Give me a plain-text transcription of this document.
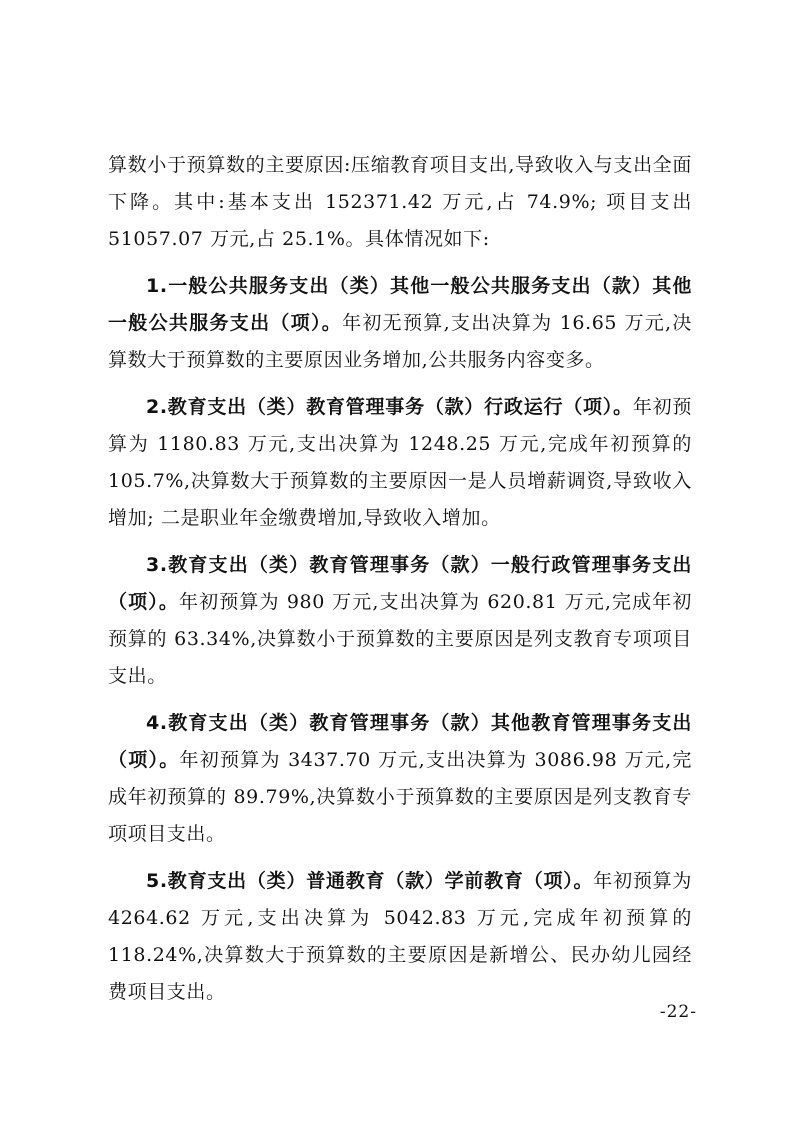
算数小于预算数的主要原因:压缩教育项目支出,导致收入与支出全面下降。其中:基本支出 152371.42 万元,占 74.9%; 项目支出51057.07 万元,占 25.1%。具体情况如下:

1.一般公共服务支出（类）其他一般公共服务支出（款）其他一般公共服务支出（项）。年初无预算,支出决算为 16.65 万元,决算数大于预算数的主要原因业务增加,公共服务内容变多。

2.教育支出（类）教育管理事务（款）行政运行（项）。年初预算为 1180.83 万元,支出决算为 1248.25 万元,完成年初预算的 105.7%,决算数大于预算数的主要原因一是人员增薪调资,导致收入增加; 二是职业年金缴费增加,导致收入增加。

3.教育支出（类）教育管理事务（款）一般行政管理事务支出（项）。年初预算为 980 万元,支出决算为 620.81 万元,完成年初预算的 63.34%,决算数小于预算数的主要原因是列支教育专项项目支出。

4.教育支出（类）教育管理事务（款）其他教育管理事务支出（项）。年初预算为 3437.70 万元,支出决算为 3086.98 万元,完成年初预算的 89.79%,决算数小于预算数的主要原因是列支教育专项项目支出。

5.教育支出（类）普通教育（款）学前教育（项）。年初预算为 4264.62 万元,支出决算为 5042.83 万元,完成年初预算的118.24%,决算数大于预算数的主要原因是新增公、民办幼儿园经费项目支出。

-22-
